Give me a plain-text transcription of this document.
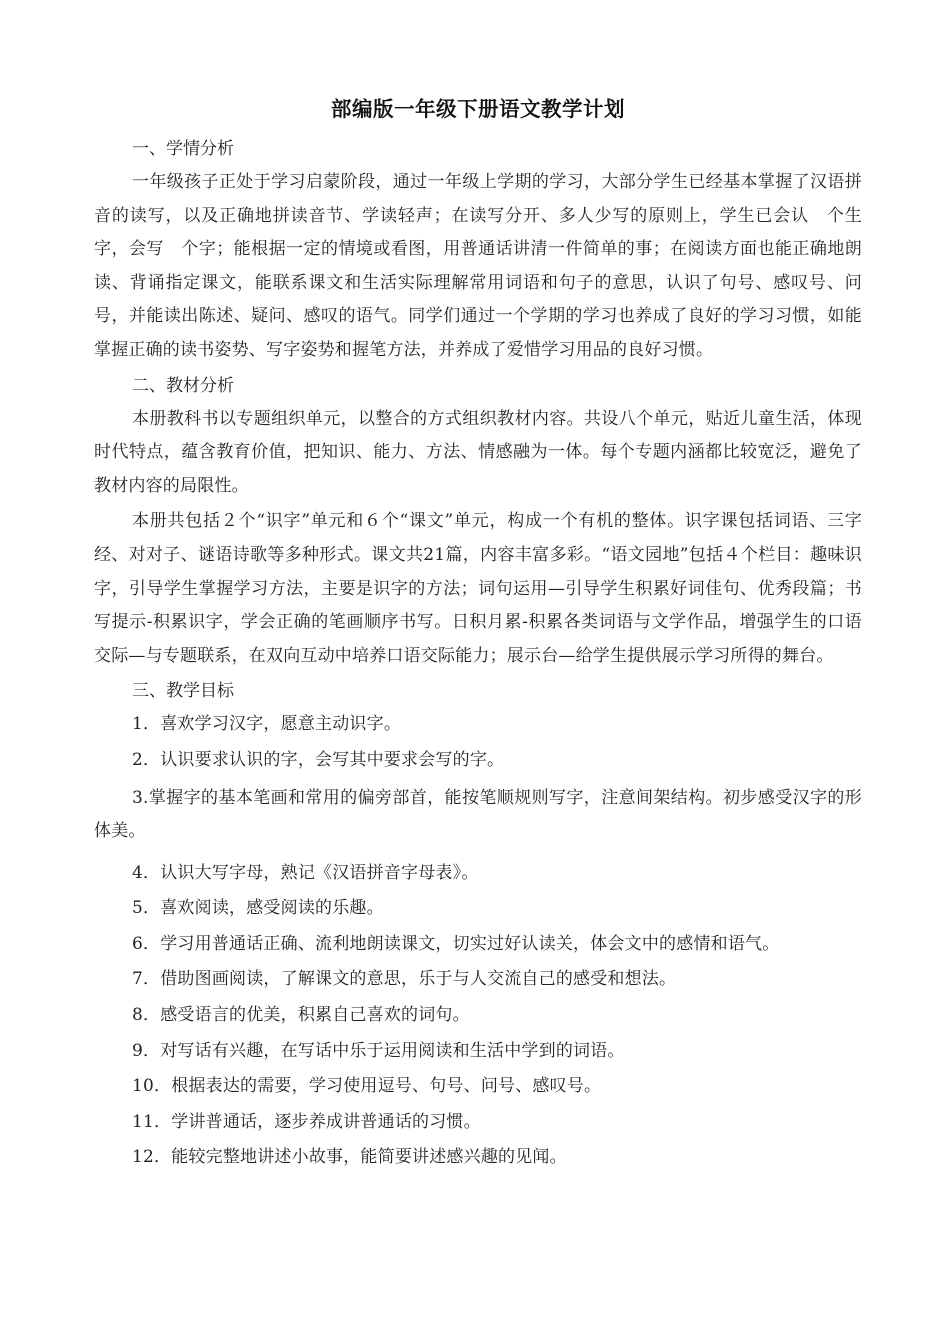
部编版一年级下册语文教学计划

一、学情分析

一年级孩子正处于学习启蒙阶段，通过一年级上学期的学习，大部分学生已经基本掌握了汉语拼音的读写，以及正确地拼读音节、学读轻声；在读写分开、多人少写的原则上，学生已会认　个生字，会写　个字；能根据一定的情境或看图，用普通话讲清一件简单的事；在阅读方面也能正确地朗读、背诵指定课文，能联系课文和生活实际理解常用词语和句子的意思，认识了句号、感叹号、问号，并能读出陈述、疑问、感叹的语气。同学们通过一个学期的学习也养成了良好的学习习惯，如能掌握正确的读书姿势、写字姿势和握笔方法，并养成了爱惜学习用品的良好习惯。

二、教材分析

本册教科书以专题组织单元，以整合的方式组织教材内容。共设八个单元，贴近儿童生活，体现时代特点，蕴含教育价值，把知识、能力、方法、情感融为一体。每个专题内涵都比较宽泛，避免了教材内容的局限性。

本册共包括２个“识字”单元和６个“课文”单元，构成一个有机的整体。识字课包括词语、三字经、对对子、谜语诗歌等多种形式。课文共21篇，内容丰富多彩。“语文园地”包括４个栏目：趣味识字，引导学生掌握学习方法，主要是识字的方法；词句运用—引导学生积累好词佳句、优秀段篇；书写提示-积累识字，学会正确的笔画顺序书写。日积月累-积累各类词语与文学作品，增强学生的口语交际—与专题联系，在双向互动中培养口语交际能力；展示台—给学生提供展示学习所得的舞台。

三、教学目标

1．喜欢学习汉字，愿意主动识字。

2．认识要求认识的字，会写其中要求会写的字。

3.掌握字的基本笔画和常用的偏旁部首，能按笔顺规则写字，注意间架结构。初步感受汉字的形体美。

4．认识大写字母，熟记《汉语拼音字母表》。

5．喜欢阅读，感受阅读的乐趣。

6．学习用普通话正确、流利地朗读课文，切实过好认读关，体会文中的感情和语气。

7．借助图画阅读，了解课文的意思，乐于与人交流自己的感受和想法。

8．感受语言的优美，积累自己喜欢的词句。

9．对写话有兴趣，在写话中乐于运用阅读和生活中学到的词语。

10．根据表达的需要，学习使用逗号、句号、问号、感叹号。

11．学讲普通话，逐步养成讲普通话的习惯。

12．能较完整地讲述小故事，能简要讲述感兴趣的见闻。
